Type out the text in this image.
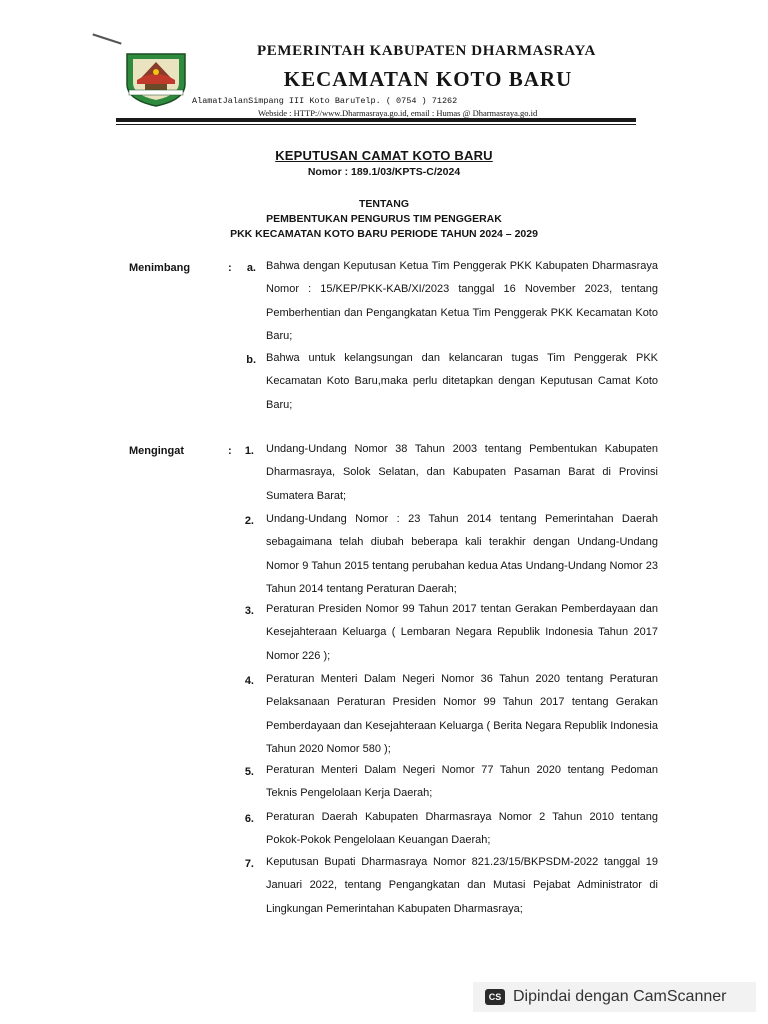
PEMERINTAH KABUPATEN DHARMASRAYA
KECAMATAN KOTO BARU
AlamatJalanSimpang III Koto BaruTelp. ( 0754 ) 71262
Webside : HTTP://www.Dharmasraya.go.id, email : Humas @ Dharmasraya.go.id
KEPUTUSAN CAMAT KOTO BARU
Nomor : 189.1/03/KPTS-C/2024
TENTANG
PEMBENTUKAN PENGURUS TIM PENGGERAK
PKK KECAMATAN KOTO BARU PERIODE TAHUN 2024 – 2029
Menimbang	:	a. Bahwa dengan Keputusan Ketua Tim Penggerak PKK Kabupaten Dharmasraya Nomor : 15/KEP/PKK-KAB/XI/2023 tanggal 16 November 2023, tentang Pemberhentian dan Pengangkatan Ketua Tim Penggerak PKK Kecamatan Koto Baru;
b. Bahwa untuk kelangsungan dan kelancaran tugas Tim Penggerak PKK Kecamatan Koto Baru,maka perlu ditetapkan dengan Keputusan Camat Koto Baru;
Mengingat	:	1. Undang-Undang Nomor 38 Tahun 2003 tentang Pembentukan Kabupaten Dharmasraya, Solok Selatan, dan Kabupaten Pasaman Barat di Provinsi Sumatera Barat;
2. Undang-Undang Nomor : 23 Tahun 2014 tentang Pemerintahan Daerah sebagaimana telah diubah beberapa kali terakhir dengan Undang-Undang Nomor 9 Tahun 2015 tentang perubahan kedua Atas Undang-Undang Nomor 23 Tahun 2014 tentang Peraturan Daerah;
3. Peraturan Presiden Nomor 99 Tahun 2017 tentan Gerakan Pemberdayaan dan Kesejahteraan Keluarga ( Lembaran Negara Republik Indonesia Tahun 2017 Nomor 226 );
4. Peraturan Menteri Dalam Negeri Nomor 36 Tahun 2020 tentang Peraturan Pelaksanaan Peraturan Presiden Nomor 99 Tahun 2017 tentang Gerakan Pemberdayaan dan Kesejahteraan Keluarga ( Berita Negara Republik Indonesia Tahun 2020 Nomor 580 );
5. Peraturan Menteri Dalam Negeri Nomor 77 Tahun 2020 tentang Pedoman Teknis Pengelolaan Kerja Daerah;
6. Peraturan Daerah Kabupaten Dharmasraya Nomor 2 Tahun 2010 tentang Pokok-Pokok Pengelolaan Keuangan Daerah;
7. Keputusan Bupati Dharmasraya Nomor 821.23/15/BKPSDM-2022 tanggal 19 Januari 2022, tentang Pengangkatan dan Mutasi Pejabat Administrator di Lingkungan Pemerintahan Kabupaten Dharmasraya;
CS Dipindai dengan CamScanner
